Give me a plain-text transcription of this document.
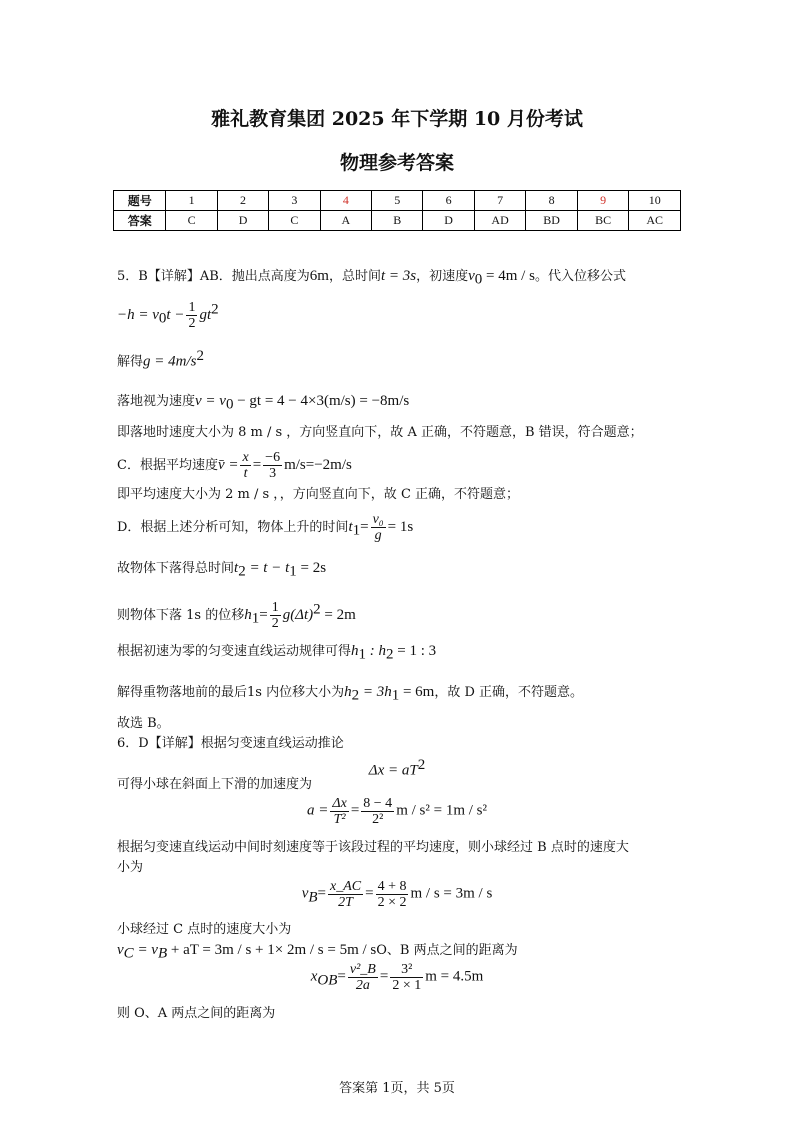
雅礼教育集团 2025 年下学期 10 月份考试
物理参考答案
题号	1	2	3	4	5	6	7	8	9	10
答案	C	D	C	A	B	D	AD	BD	BC	AC
5．B【详解】AB．抛出点高度为6m，总时间t = 3s，初速度$v_0 = 4m / s$。代入位移公式
$-h = v_0t - \frac{1}{2} gt^2$
解得$g = 4m/s^2$
落地视为速度$v = v_0$ − gt = 4 − 4×3(m/s) = −8m/s
即落地时速度大小为 8 m / s ，方向竖直向下，故 A 正确，不符题意，B 错误，符合题意；
C．根据平均速度v̄ = $\frac{x}{t} = \frac{-6}{3} m/s=-2m/s$
即平均速度大小为 2 m / s ，，方向竖直向下，故 C 正确，不符题意；
D．根据上述分析可知，物体上升的时间$t_1= \frac{\text{v₀}}{g} = 1s$
故物体下落得总时间$t_2 = t - t_1 = 2s$
则物体下落 1s 的位移$h_1= \frac{1}{2} g(\Delta t)^2 = 2m$
根据初速为零的匀变速直线运动规律可得$h_1$ : $h_2 = 1$ : 3
解得重物落地前的最后1s 内位移大小为$h_2 = 3h_1 = 6m$，故 D 正确，不符题意。
故选 B。
6．D【详解】根据匀变速直线运动推论
$\Delta x = aT^2$
可得小球在斜面上下滑的加速度为
$a = \frac{\Delta x}{\text{T²}} = \frac{8 - 4}{\text{2²}}$ m / s² = 1m / s²
根据匀变速直线运动中间时刻速度等于该段过程的平均速度，则小球经过 B 点时的速度大
小为
$v_B= \frac{x\_AC}{2T} = \frac{4 + 8}{2 \times 2}$ m / s = 3m / s
小球经过 C 点时的速度大小为
$v_C = v_B$ + aT = 3m / s + 1× 2m / s = 5m / sO、B 两点之间的距离为
$x_{OB}= \frac{\text{v²\_B}}{2a} = \frac{\text{3²}}{2 \times 1}$ m = 4.5m
则 O、A 两点之间的距离为
答案第 1页，共 5页
